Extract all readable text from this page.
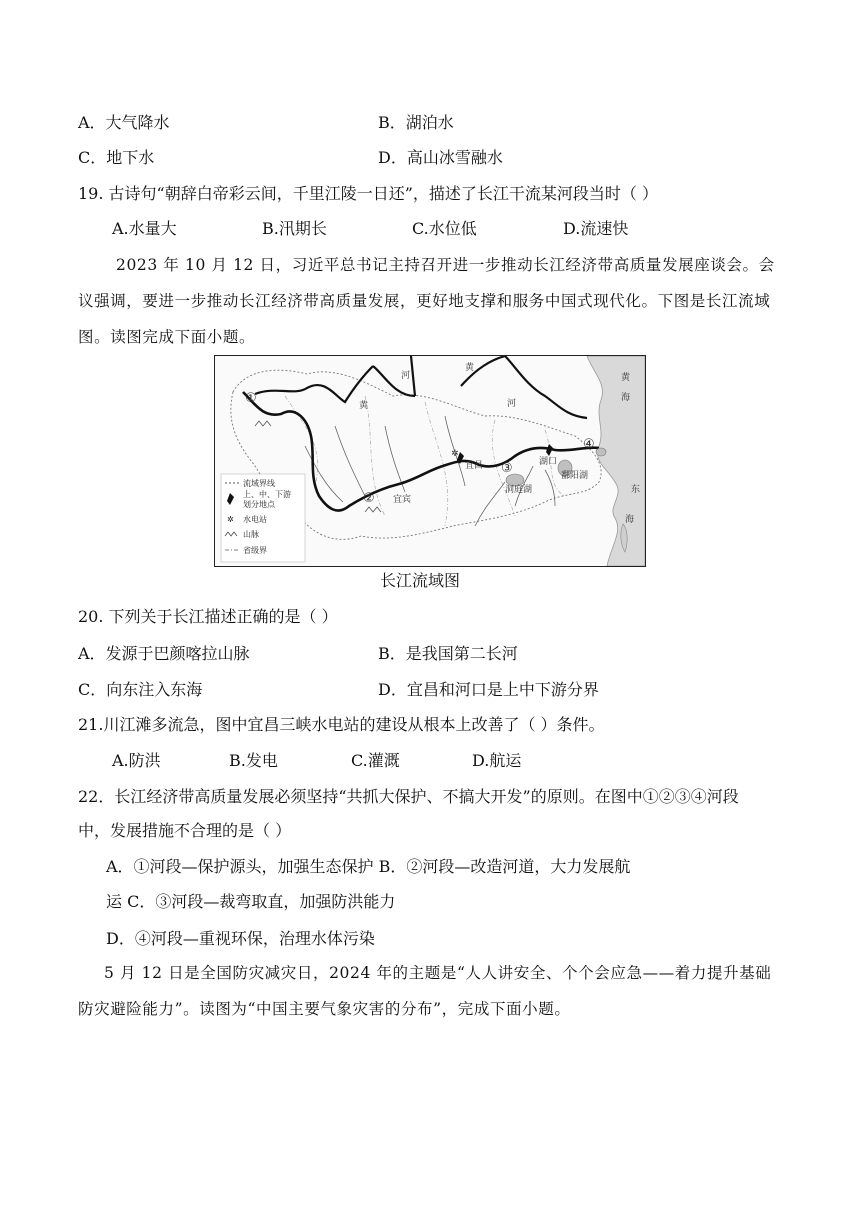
A．大气降水	B．湖泊水
C．地下水	D．高山冰雪融水
19. 古诗句“朝辞白帝彩云间，千里江陵一日还”，描述了长江干流某河段当时（ ）
A.水量大	B.汛期长	C.水位低	D.流速快
2023 年 10 月 12 日，习近平总书记主持召开进一步推动长江经济带高质量发展座谈会。会议强调，要进一步推动长江经济带高质量发展，更好地支撑和服务中国式现代化。下图是长江流域图。读图完成下面小题。
✲
黄
河
黄
河
黄
海
东
海
宜昌
宜宾
湖口
洞庭湖
鄱阳湖
①
②
③
④
流域界线
上、中、下游
划分地点
✲ 水电站
山脉
省级界
长江流域图
20. 下列关于长江描述正确的是（ ）
A．发源于巴颜喀拉山脉	B．是我国第二长河
C．向东注入东海	D．宜昌和河口是上中下游分界
21.川江滩多流急，图中宜昌三峡水电站的建设从根本上改善了（ ）条件。
A.防洪	B.发电	C.灌溉	D.航运
22．长江经济带高质量发展必须坚持“共抓大保护、不搞大开发”的原则。在图中①②③④河段
中，发展措施不合理的是（ ）
A．①河段—保护源头，加强生态保护 B．②河段—改造河道，大力发展航
运 C．③河段—裁弯取直，加强防洪能力
D．④河段—重视环保，治理水体污染
5 月 12 日是全国防灾减灾日，2024 年的主题是“人人讲安全、个个会应急——着力提升基础防灾避险能力”。读图为“中国主要气象灾害的分布”，完成下面小题。
